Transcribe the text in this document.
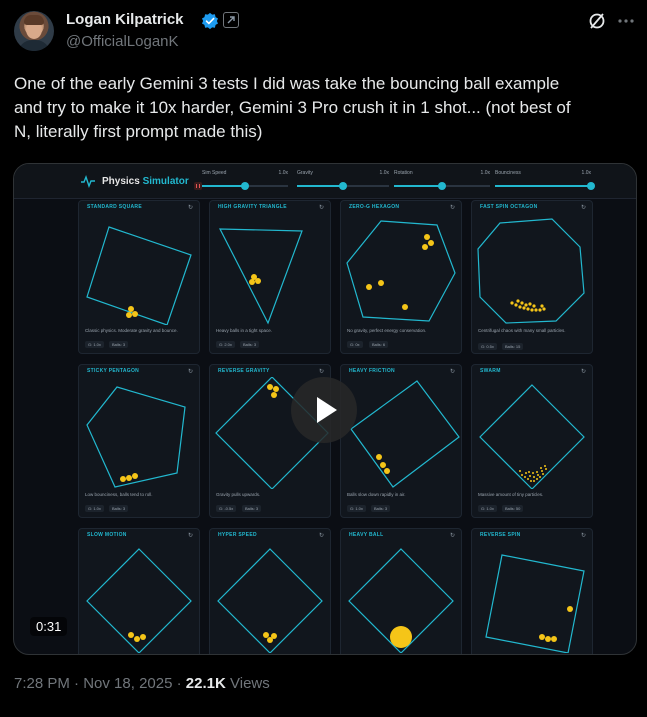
Logan Kilpatrick
@OfficialLoganK
One of the early Gemini 3 tests I did was take the bouncing ball example
and try to make it 10x harder, Gemini 3 Pro crush it in 1 shot... (not best of
N, literally first prompt made this)
Physics Simulator
Sim Speed	1.0x Gravity	1.0x Rotation	1.0x Bounciness	1.0x
STANDARD SQUARE	↻
Classic physics. Moderate gravity and bounce.
G: 1.0x	Balls: 3
HIGH GRAVITY TRIANGLE	↻
Heavy balls in a tight space.
G: 2.0x	Balls: 3
ZERO-G HEXAGON	↻
No gravity, perfect energy conservation.
G: 0x	Balls: 6
FAST SPIN OCTAGON	↻
Centrifugal chaos with many small particles.
G: 0.5x	Balls: 15
STICKY PENTAGON	↻
Low bounciness, balls tend to roll.
G: 1.0x	Balls: 3
REVERSE GRAVITY	↻
Gravity pulls upwards.
G: -0.5x	Balls: 3
HEAVY FRICTION	↻
Balls slow down rapidly in air.
G: 1.0x	Balls: 3
SWARM	↻
Massive amount of tiny particles.
G: 1.0x	Balls: 50
SLOW MOTION	↻	HYPER SPEED	↻	HEAVY BALL	↻	REVERSE SPIN	↻
0:31
7:28 PM · Nov 18, 2025 · 22.1K Views
